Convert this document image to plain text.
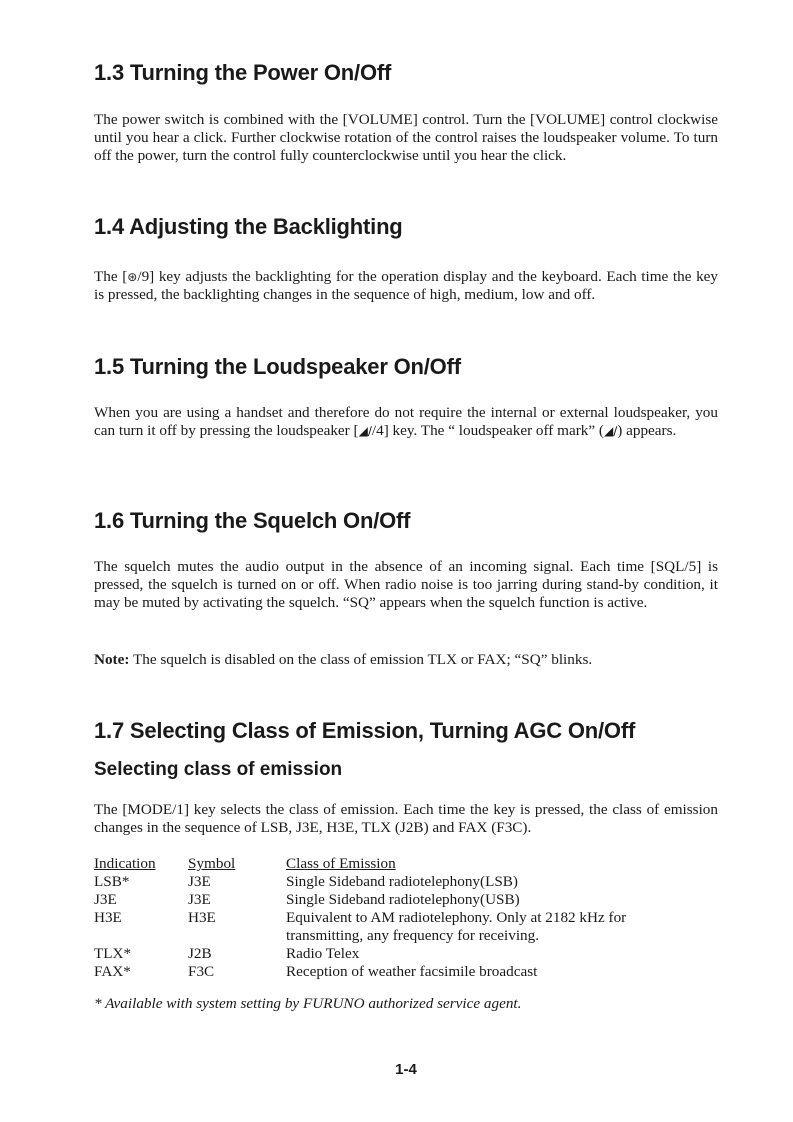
1.3 Turning the Power On/Off

The power switch is combined with the [VOLUME] control. Turn the [VOLUME] control clockwise until you hear a click. Further clockwise rotation of the control raises the loudspeaker volume. To turn off the power, turn the control fully counterclockwise until you hear the click.

1.4 Adjusting the Backlighting

The [⊛/9] key adjusts the backlighting for the operation display and the keyboard. Each time the key is pressed, the backlighting changes in the sequence of high, medium, low and off.

1.5 Turning the Loudspeaker On/Off

When you are using a handset and therefore do not require the internal or external loudspeaker, you can turn it off by pressing the loudspeaker [◢∕/4] key. The “ loudspeaker off mark” (◢∕) appears.

1.6 Turning the Squelch On/Off

The squelch mutes the audio output in the absence of an incoming signal. Each time [SQL/5] is pressed, the squelch is turned on or off. When radio noise is too jarring during stand-by condition, it may be muted by activating the squelch. “SQ” appears when the squelch function is active.

Note: The squelch is disabled on the class of emission TLX or FAX; “SQ” blinks.

1.7 Selecting Class of Emission, Turning AGC On/Off
Selecting class of emission

The [MODE/1] key selects the class of emission. Each time the key is pressed, the class of emission changes in the sequence of LSB, J3E, H3E, TLX (J2B) and FAX (F3C).

Indication	Symbol	Class of Emission
LSB*	J3E	Single Sideband radiotelephony(LSB)
J3E	J3E	Single Sideband radiotelephony(USB)
H3E	H3E	Equivalent to AM radiotelephony. Only at 2182 kHz for transmitting, any frequency for receiving.
TLX*	J2B	Radio Telex
FAX*	F3C	Reception of weather facsimile broadcast
* Available with system setting by FURUNO authorized service agent.
1-4
